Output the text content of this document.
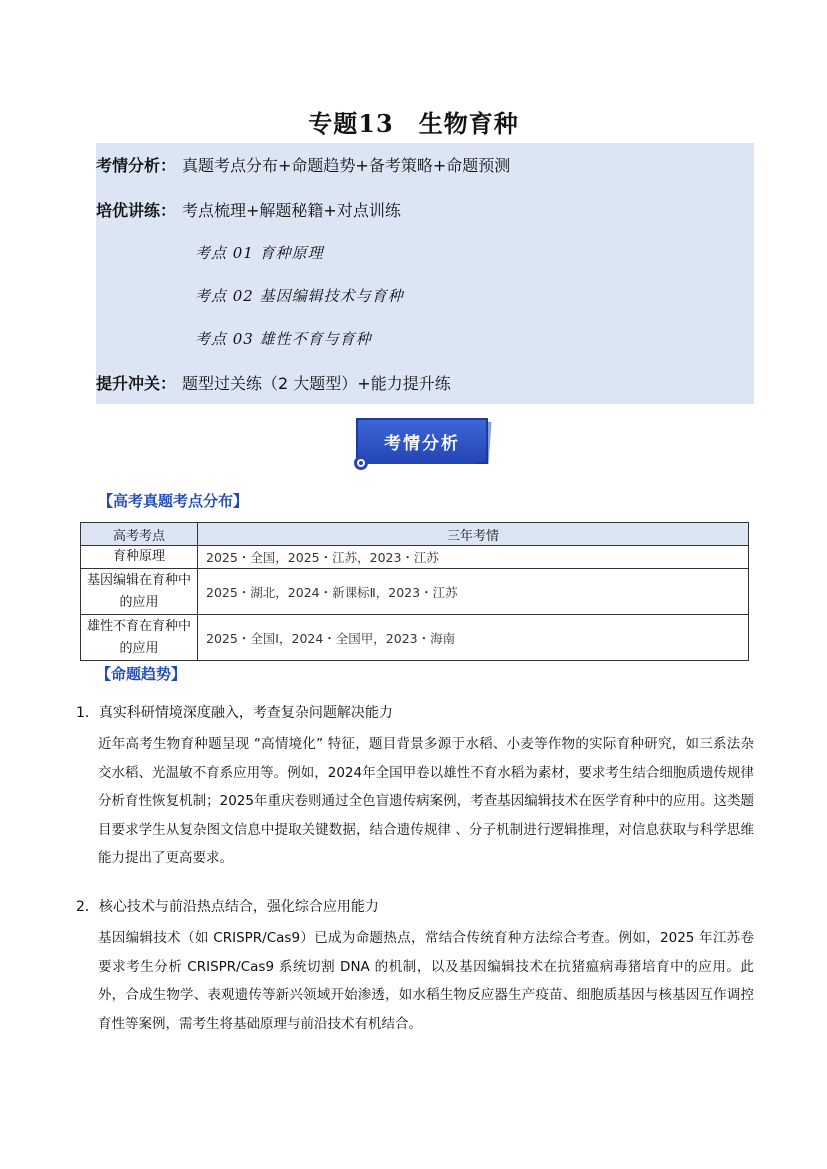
专题13　生物育种
考情分析： 真题考点分布+命题趋势+备考策略+命题预测
培优讲练： 考点梳理+解题秘籍+对点训练
考点 01 育种原理
考点 02 基因编辑技术与育种
考点 03 雄性不育与育种
提升冲关： 题型过关练（2 大题型）+能力提升练
考情分析
【高考真题考点分布】
高考考点	三年考情
育种原理	2025・全国，2025・江苏，2023・江苏
基因编辑在育种中的应用	2025・湖北，2024・新课标Ⅱ，2023・江苏
雄性不育在育种中的应用	2025・全国Ⅰ，2024・全国甲，2023・海南
【命题趋势】
1．真实科研情境深度融入，考查复杂问题解决能力
近年高考生物育种题呈现 “高情境化” 特征，题目背景多源于水稻、小麦等作物的实际育种研究，如三系法杂交水稻、光温敏不育系应用等。例如，2024年全国甲卷以雄性不育水稻为素材，要求考生结合细胞质遗传规律分析育性恢复机制；2025年重庆卷则通过全色盲遗传病案例，考查基因编辑技术在医学育种中的应用。这类题目要求学生从复杂图文信息中提取关键数据，结合遗传规律 、分子机制进行逻辑推理，对信息获取与科学思维能力提出了更高要求。
2．核心技术与前沿热点结合，强化综合应用能力
基因编辑技术（如 CRISPR/Cas9）已成为命题热点，常结合传统育种方法综合考查。例如，2025 年江苏卷要求考生分析 CRISPR/Cas9 系统切割 DNA 的机制，以及基因编辑技术在抗猪瘟病毒猪培育中的应用。此外，合成生物学、表观遗传等新兴领域开始渗透，如水稻生物反应器生产疫苗、细胞质基因与核基因互作调控育性等案例，需考生将基础原理与前沿技术有机结合。
